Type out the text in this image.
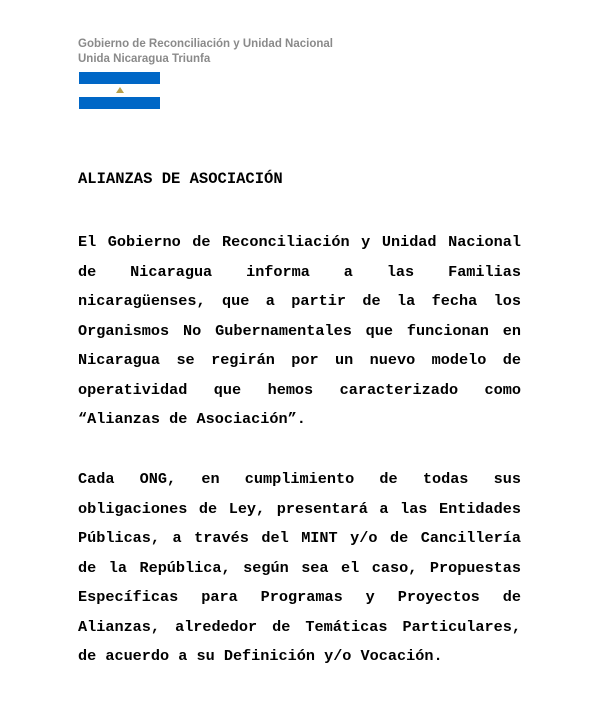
Gobierno de Reconciliación y Unidad Nacional
Unida Nicaragua Triunfa
ALIANZAS DE ASOCIACIÓN

El Gobierno de Reconciliación y Unidad Nacional de Nicaragua informa a las Familias nicaragüenses, que a partir de la fecha los Organismos No Gubernamentales que funcionan en Nicaragua se regirán por un nuevo modelo de operatividad que hemos caracterizado como “Alianzas de Asociación”.

Cada ONG, en cumplimiento de todas sus obligaciones de Ley, presentará a las Entidades Públicas, a través del MINT y/o de Cancillería de la República, según sea el caso, Propuestas Específicas para Programas y Proyectos de Alianzas, alrededor de Temáticas Particulares, de acuerdo a su Definición y/o Vocación.
